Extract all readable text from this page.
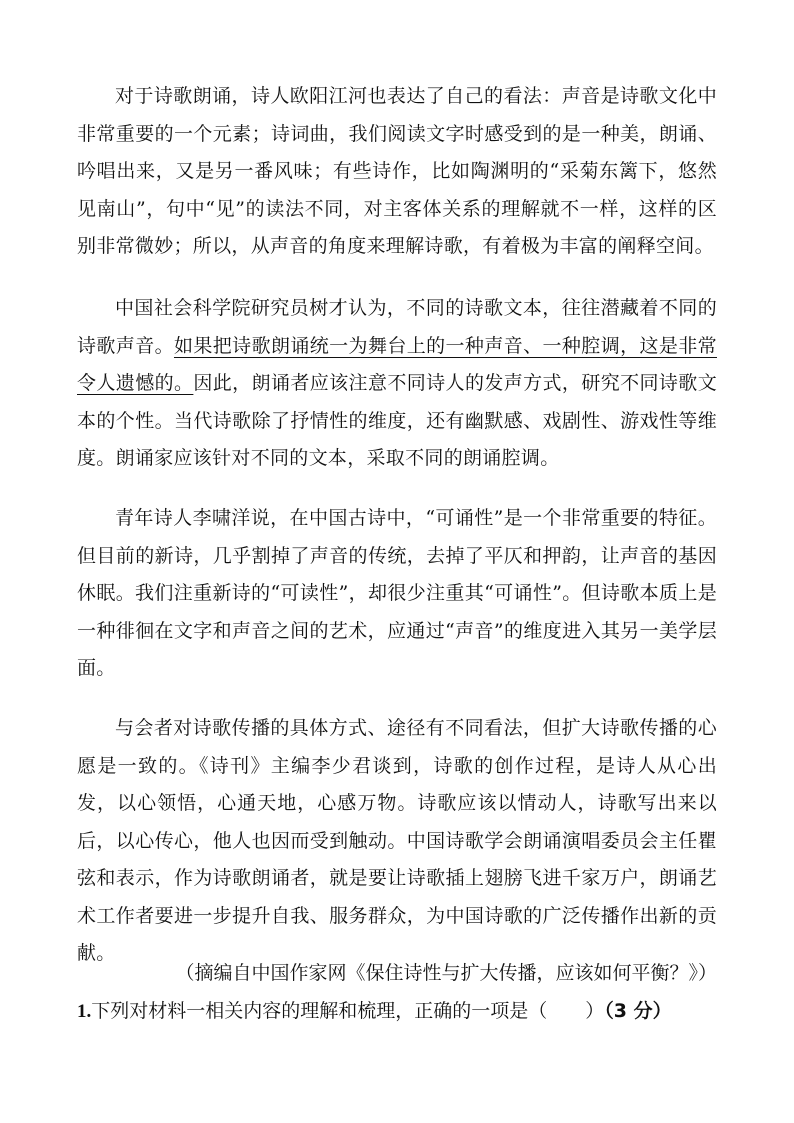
对于诗歌朗诵，诗人欧阳江河也表达了自己的看法：声音是诗歌文化中非常重要的一个元素；诗词曲，我们阅读文字时感受到的是一种美，朗诵、吟唱出来，又是另一番风味；有些诗作，比如陶渊明的“采菊东篱下，悠然见南山”，句中“见”的读法不同，对主客体关系的理解就不一样，这样的区别非常微妙；所以，从声音的角度来理解诗歌，有着极为丰富的阐释空间。

中国社会科学院研究员树才认为，不同的诗歌文本，往往潜藏着不同的诗歌声音。如果把诗歌朗诵统一为舞台上的一种声音、一种腔调，这是非常令人遗憾的。因此，朗诵者应该注意不同诗人的发声方式，研究不同诗歌文本的个性。当代诗歌除了抒情性的维度，还有幽默感、戏剧性、游戏性等维度。朗诵家应该针对不同的文本，采取不同的朗诵腔调。

青年诗人李啸洋说，在中国古诗中，“可诵性”是一个非常重要的特征。但目前的新诗，几乎割掉了声音的传统，去掉了平仄和押韵，让声音的基因休眠。我们注重新诗的“可读性”，却很少注重其“可诵性”。但诗歌本质上是一种徘徊在文字和声音之间的艺术，应通过“声音”的维度进入其另一美学层面。

与会者对诗歌传播的具体方式、途径有不同看法，但扩大诗歌传播的心愿是一致的。《诗刊》主编李少君谈到，诗歌的创作过程，是诗人从心出发，以心领悟，心通天地，心感万物。诗歌应该以情动人，诗歌写出来以后，以心传心，他人也因而受到触动。中国诗歌学会朗诵演唱委员会主任瞿弦和表示，作为诗歌朗诵者，就是要让诗歌插上翅膀飞进千家万户，朗诵艺术工作者要进一步提升自我、服务群众，为中国诗歌的广泛传播作出新的贡献。

（摘编自中国作家网《保住诗性与扩大传播，应该如何平衡？》）

1.下列对材料一相关内容的理解和梳理，正确的一项是（　　）（3 分）
